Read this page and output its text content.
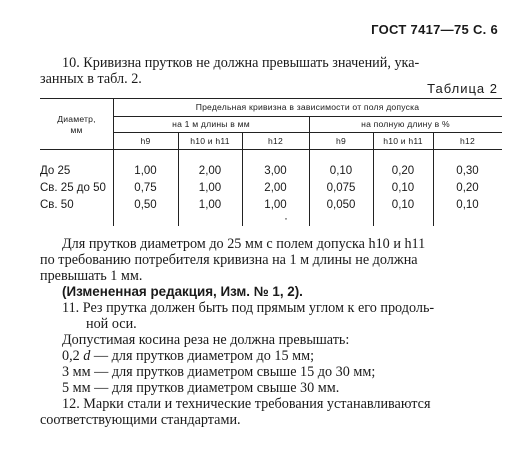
ГОСТ 7417—75 С. 6
10. Кривизна прутков не должна превышать значений, ука-
занных в табл. 2.
Таблица 2
Диаметр,
мм
Предельная кривизна в зависимости от поля допуска
на 1 м длины в мм	на полную длину в %
h9	h10 и h11	h12	h9	h10 и h11	h12
До 25	1,00	2,00	3,00	0,10	0,20	0,30
Св. 25 до 50	0,75	1,00	2,00	0,075	0,10	0,20
Св. 50	0,50	1,00	1,00	0,050	0,10	0,10
·
Для прутков диаметром до 25 мм с полем допуска h10 и h11
по требованию потребителя кривизна на 1 м длины не должна
превышать 1 мм.
(Измененная редакция, Изм. № 1, 2).
11. Рез прутка должен быть под прямым углом к его продоль-
ной оси.
Допустимая косина реза не должна превышать:
0,2 d — для прутков диаметром до 15 мм;
3 мм — для прутков диаметром свыше 15 до 30 мм;
5 мм — для прутков диаметром свыше 30 мм.
12. Марки стали и технические требования устанавливаются
соответствующими стандартами.
